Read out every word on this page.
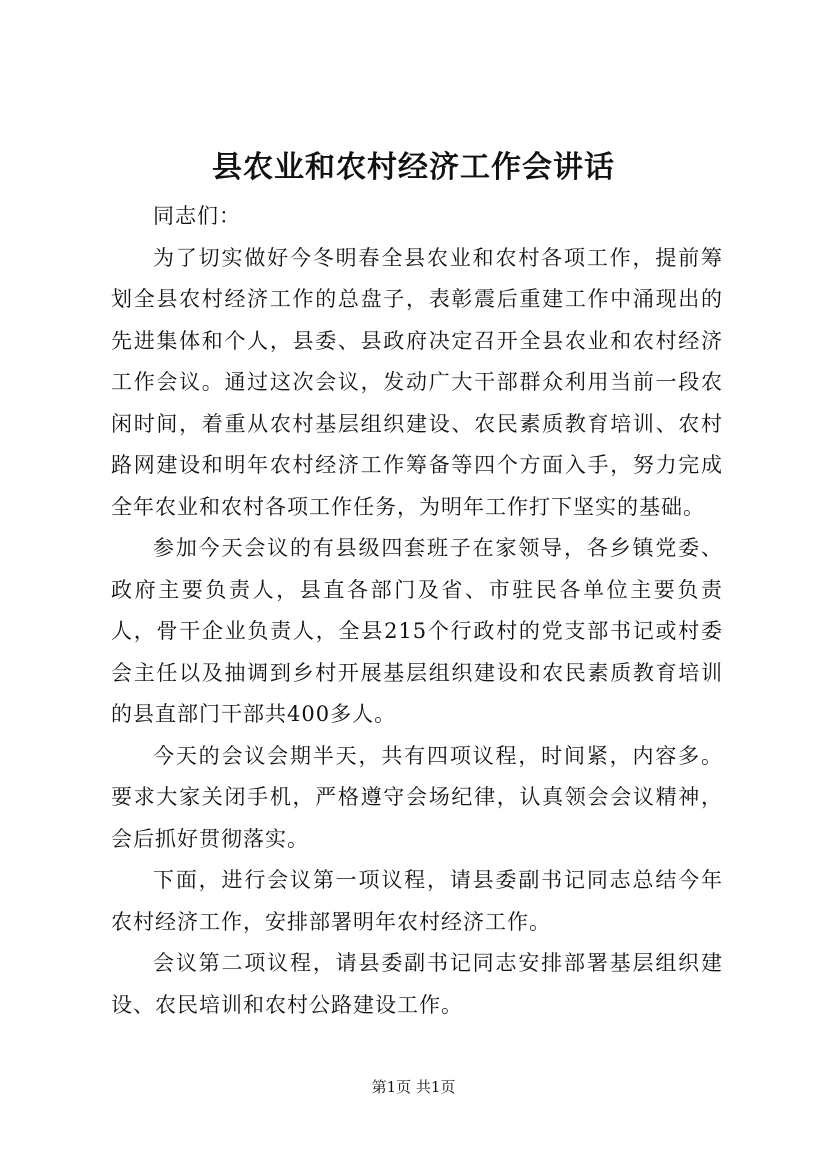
县农业和农村经济工作会讲话

同志们：

为了切实做好今冬明春全县农业和农村各项工作，提前筹划全县农村经济工作的总盘子，表彰震后重建工作中涌现出的先进集体和个人，县委、县政府决定召开全县农业和农村经济工作会议。通过这次会议，发动广大干部群众利用当前一段农闲时间，着重从农村基层组织建设、农民素质教育培训、农村路网建设和明年农村经济工作筹备等四个方面入手，努力完成全年农业和农村各项工作任务，为明年工作打下坚实的基础。

参加今天会议的有县级四套班子在家领导，各乡镇党委、政府主要负责人，县直各部门及省、市驻民各单位主要负责人，骨干企业负责人，全县215个行政村的党支部书记或村委会主任以及抽调到乡村开展基层组织建设和农民素质教育培训的县直部门干部共400多人。

今天的会议会期半天，共有四项议程，时间紧，内容多。要求大家关闭手机，严格遵守会场纪律，认真领会会议精神，会后抓好贯彻落实。

下面，进行会议第一项议程，请县委副书记同志总结今年农村经济工作，安排部署明年农村经济工作。

会议第二项议程，请县委副书记同志安排部署基层组织建设、农民培训和农村公路建设工作。

第1页 共1页
